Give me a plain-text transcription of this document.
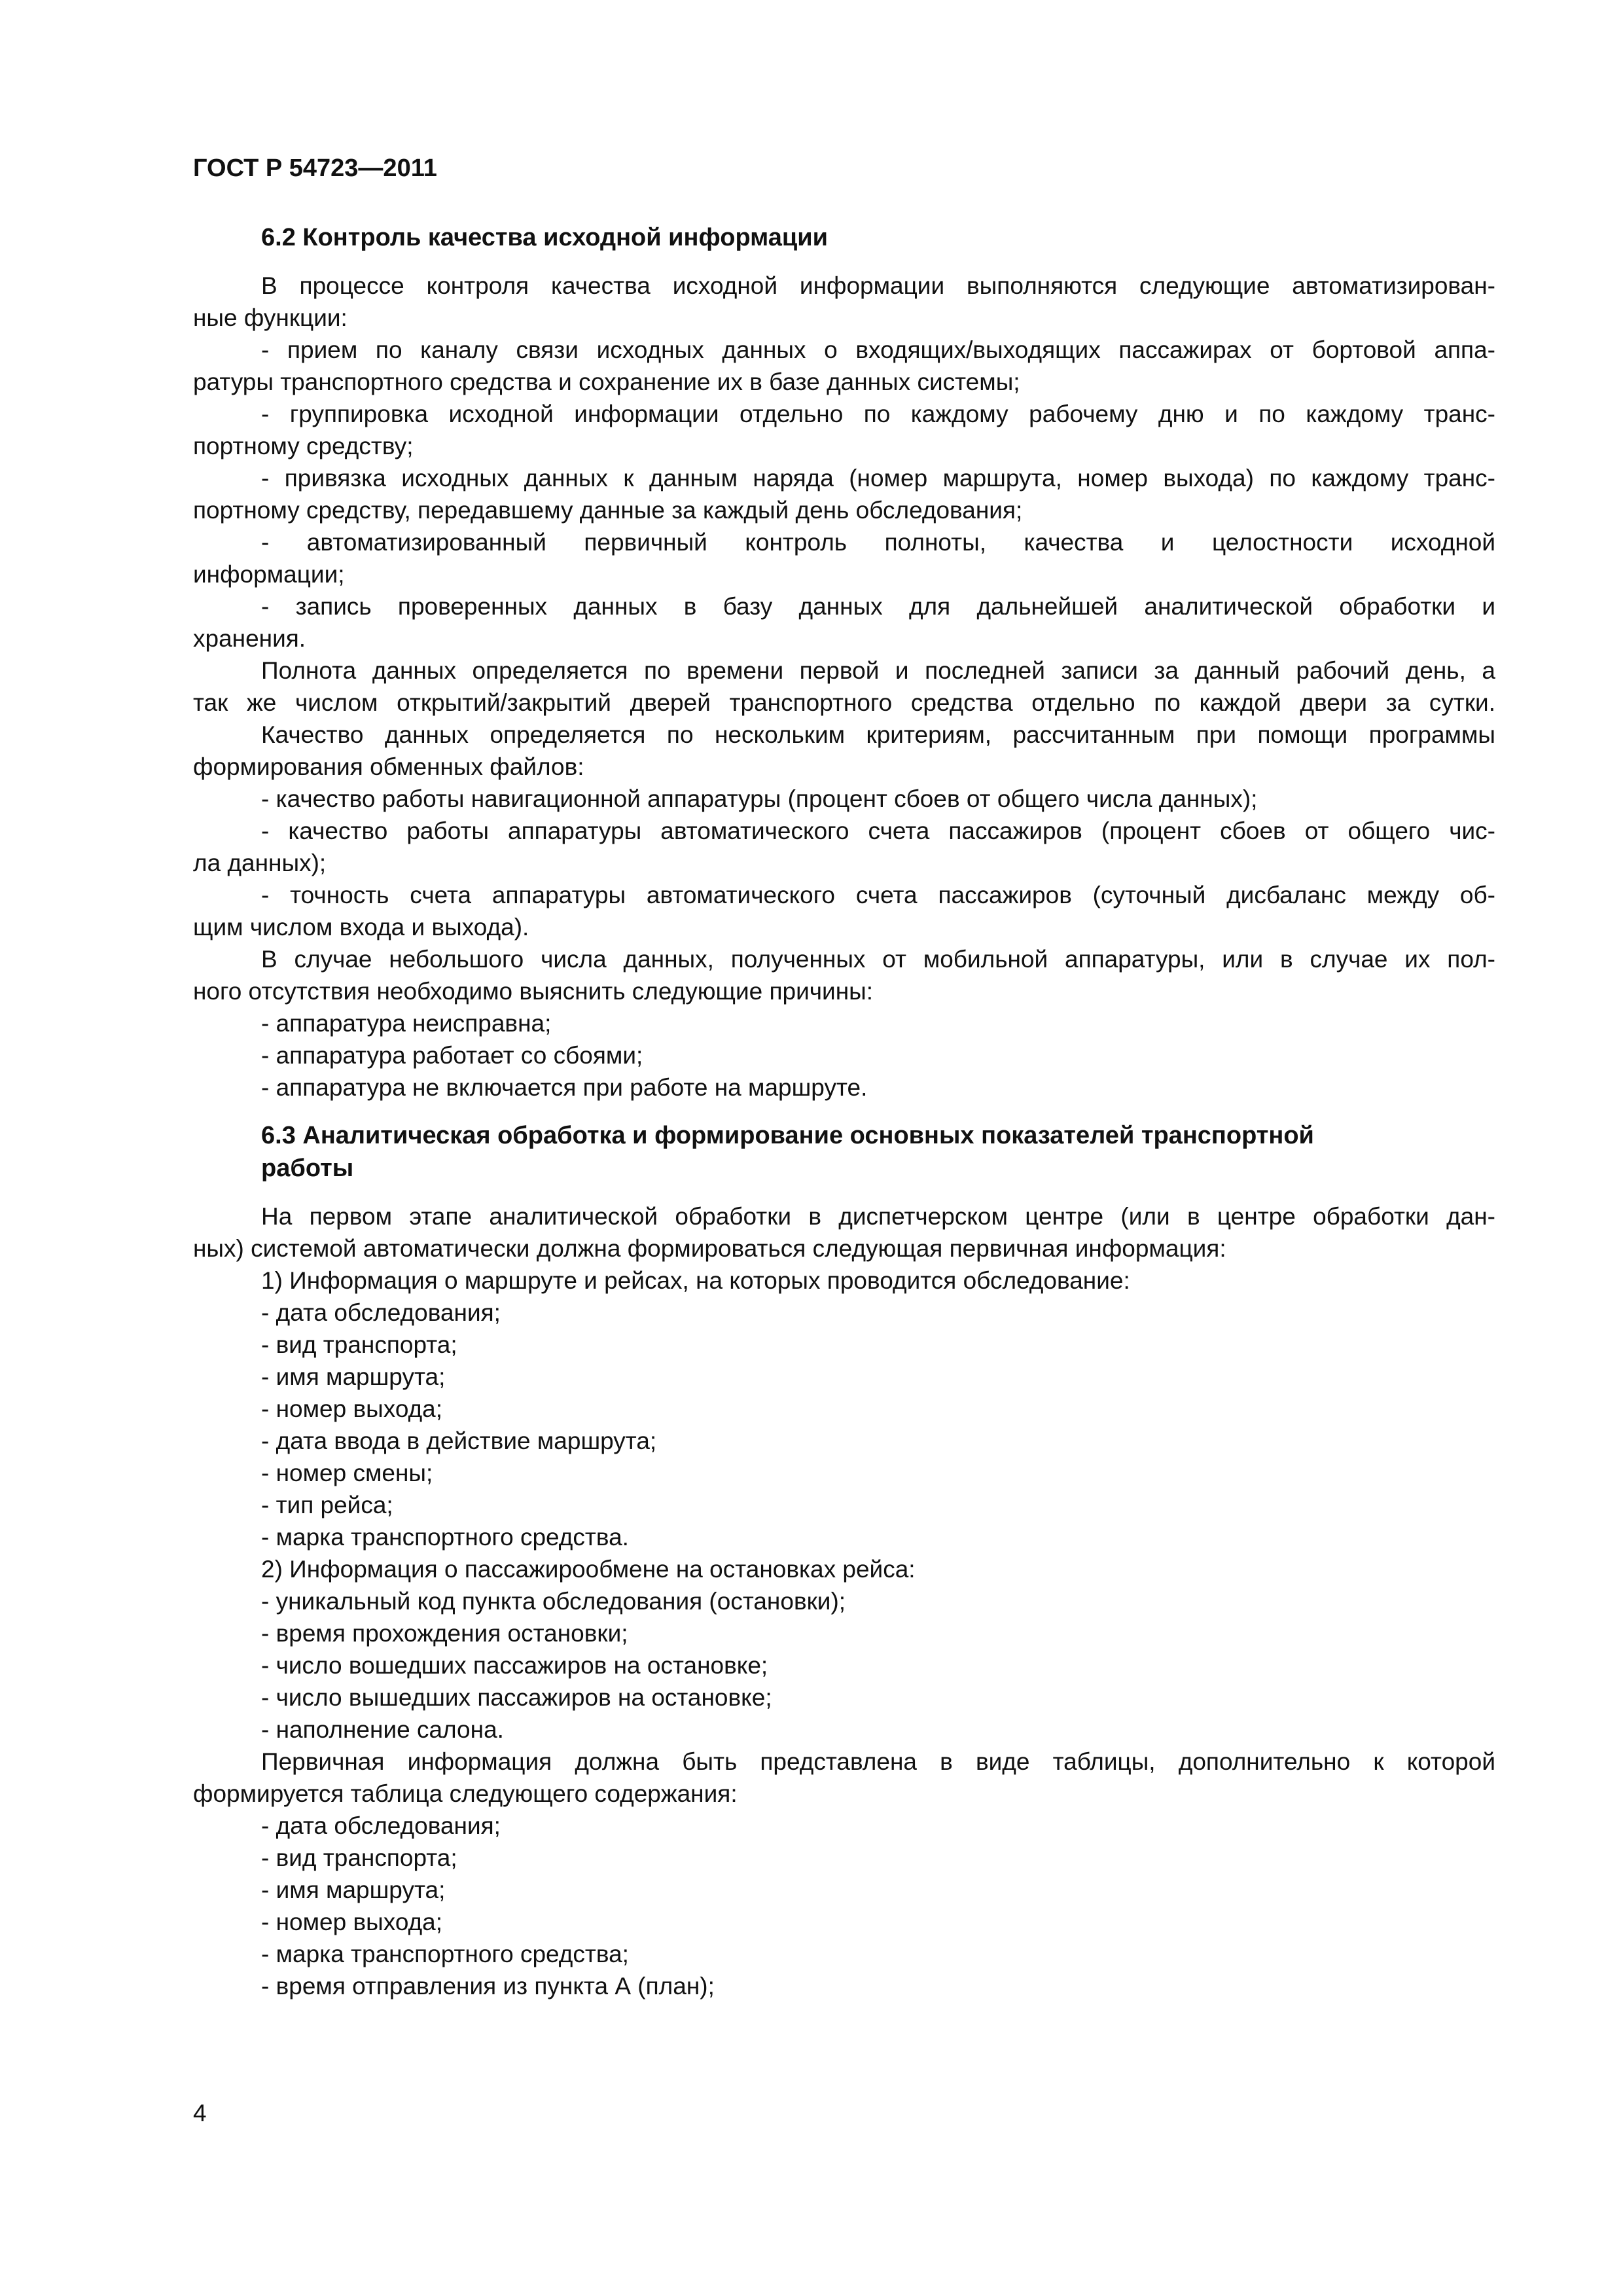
ГОСТ Р 54723—2011
6.2 Контроль качества исходной информации

В процессе контроля качества исходной информации выполняются следующие автоматизирован-

ные функции:

- прием по каналу связи исходных данных о входящих/выходящих пассажирах от бортовой аппа-

ратуры транспортного средства и сохранение их в базе данных системы;

- группировка исходной информации отдельно по каждому рабочему дню и по каждому транс-

портному средству;

- привязка исходных данных к данным наряда (номер маршрута, номер выхода) по каждому транс-

портному средству, передавшему данные за каждый день обследования;

- автоматизированный первичный контроль полноты, качества и целостности исходной

информации;

- запись проверенных данных в базу данных для дальнейшей аналитической обработки и

хранения.

Полнота данных определяется по времени первой и последней записи за данный рабочий день, а

так же числом открытий/закрытий дверей транспортного средства отдельно по каждой двери за сутки.

Качество данных определяется по нескольким критериям, рассчитанным при помощи программы

формирования обменных файлов:

- качество работы навигационной аппаратуры (процент сбоев от общего числа данных);

- качество работы аппаратуры автоматического счета пассажиров (процент сбоев от общего чис-

ла данных);

- точность счета аппаратуры автоматического счета пассажиров (суточный дисбаланс между об-

щим числом входа и выхода).

В случае небольшого числа данных, полученных от мобильной аппаратуры, или в случае их пол-

ного отсутствия необходимо выяснить следующие причины:

- аппаратура неисправна;

- аппаратура работает со сбоями;

- аппаратура не включается при работе на маршруте.

6.3 Аналитическая обработка и формирование основных показателей транспортной
работы

На первом этапе аналитической обработки в диспетчерском центре (или в центре обработки дан-

ных) системой автоматически должна формироваться следующая первичная информация:

1) Информация о маршруте и рейсах, на которых проводится обследование:

- дата обследования;

- вид транспорта;

- имя маршрута;

- номер выхода;

- дата ввода в действие маршрута;

- номер смены;

- тип рейса;

- марка транспортного средства.

2) Информация о пассажирообмене на остановках рейса:

- уникальный код пункта обследования (остановки);

- время прохождения остановки;

- число вошедших пассажиров на остановке;

- число вышедших пассажиров на остановке;

- наполнение салона.

Первичная информация должна быть представлена в виде таблицы, дополнительно к которой

формируется таблица следующего содержания:

- дата обследования;

- вид транспорта;

- имя маршрута;

- номер выхода;

- марка транспортного средства;

- время отправления из пункта А (план);

4
